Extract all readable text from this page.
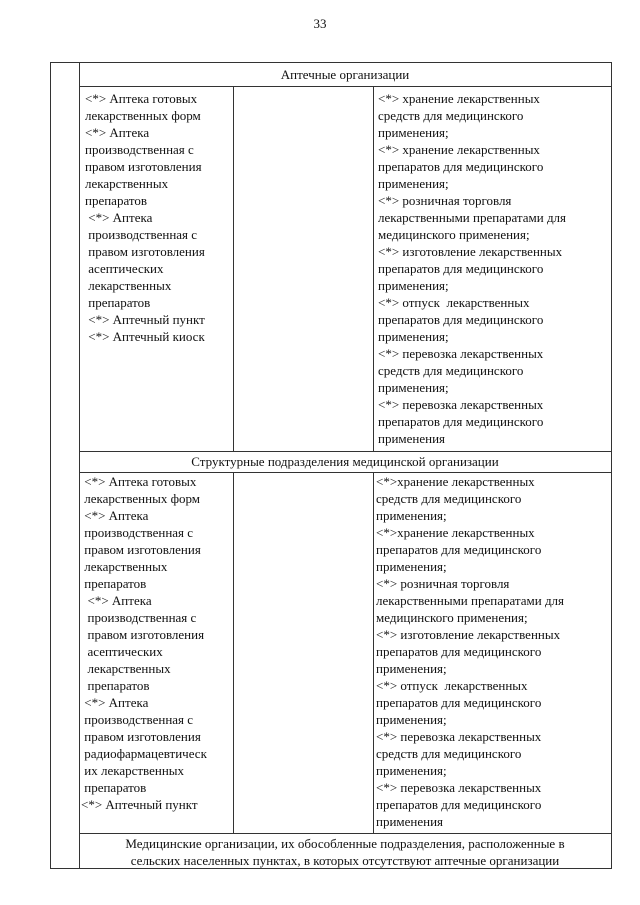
33
Аптечные организации
<*> Аптека готовых
лекарственных форм
<*> Аптека
производственная с
правом изготовления
лекарственных
препаратов
<*> Аптека
производственная с
правом изготовления
асептических
лекарственных
препаратов
<*> Аптечный пункт
<*> Аптечный киоск
<*> хранение лекарственных
средств для медицинского
применения;
<*> хранение лекарственных
препаратов для медицинского
применения;
<*> розничная торговля
лекарственными препаратами для
медицинского применения;
<*> изготовление лекарственных
препаратов для медицинского
применения;
<*> отпуск  лекарственных
препаратов для медицинского
применения;
<*> перевозка лекарственных
средств для медицинского
применения;
<*> перевозка лекарственных
препаратов для медицинского
применения
Структурные подразделения медицинской организации
<*> Аптека готовых
лекарственных форм
<*> Аптека
производственная с
правом изготовления
лекарственных
препаратов
<*> Аптека
производственная с
правом изготовления
асептических
лекарственных
препаратов
<*> Аптека
производственная с
правом изготовления
радиофармацевтическ
их лекарственных
препаратов
<*> Аптечный пункт
<*>хранение лекарственных
средств для медицинского
применения;
<*>хранение лекарственных
препаратов для медицинского
применения;
<*> розничная торговля
лекарственными препаратами для
медицинского применения;
<*> изготовление лекарственных
препаратов для медицинского
применения;
<*> отпуск  лекарственных
препаратов для медицинского
применения;
<*> перевозка лекарственных
средств для медицинского
применения;
<*> перевозка лекарственных
препаратов для медицинского
применения
Медицинские организации, их обособленные подразделения, расположенные в
сельских населенных пунктах, в которых отсутствуют аптечные организации
